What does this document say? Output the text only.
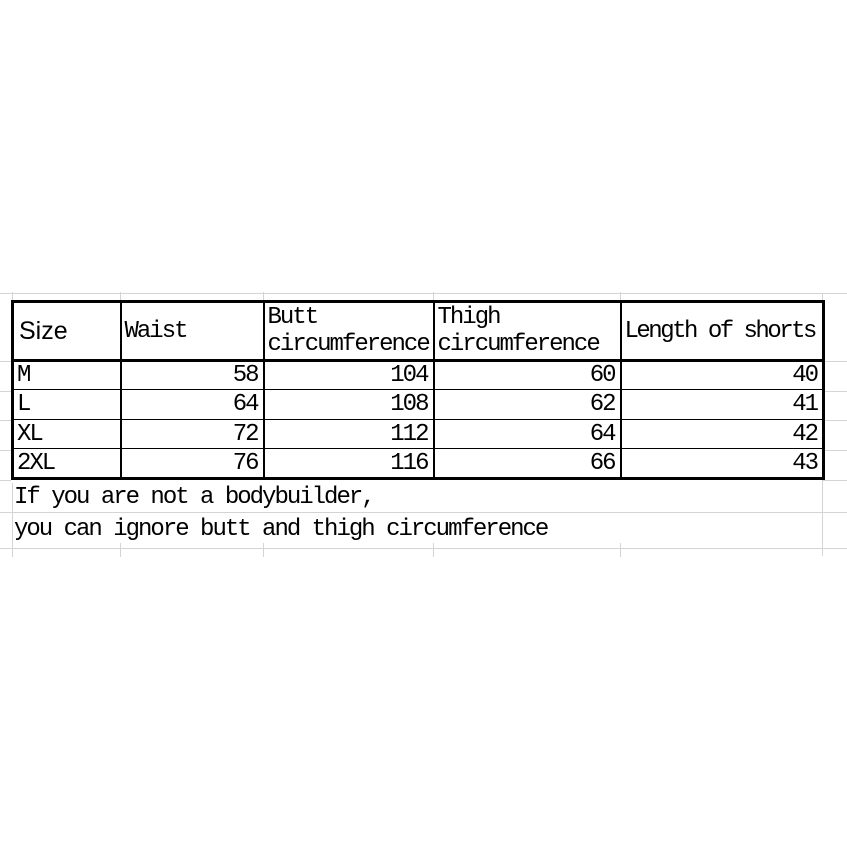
Size	Waist	Butt circumference	Thigh circumference	Length of shorts
M	58	104	60	40
L	64	108	62	41
XL	72	112	64	42
2XL	76	116	66	43
If you are not a bodybuilder,
you can ignore butt and thigh circumference
